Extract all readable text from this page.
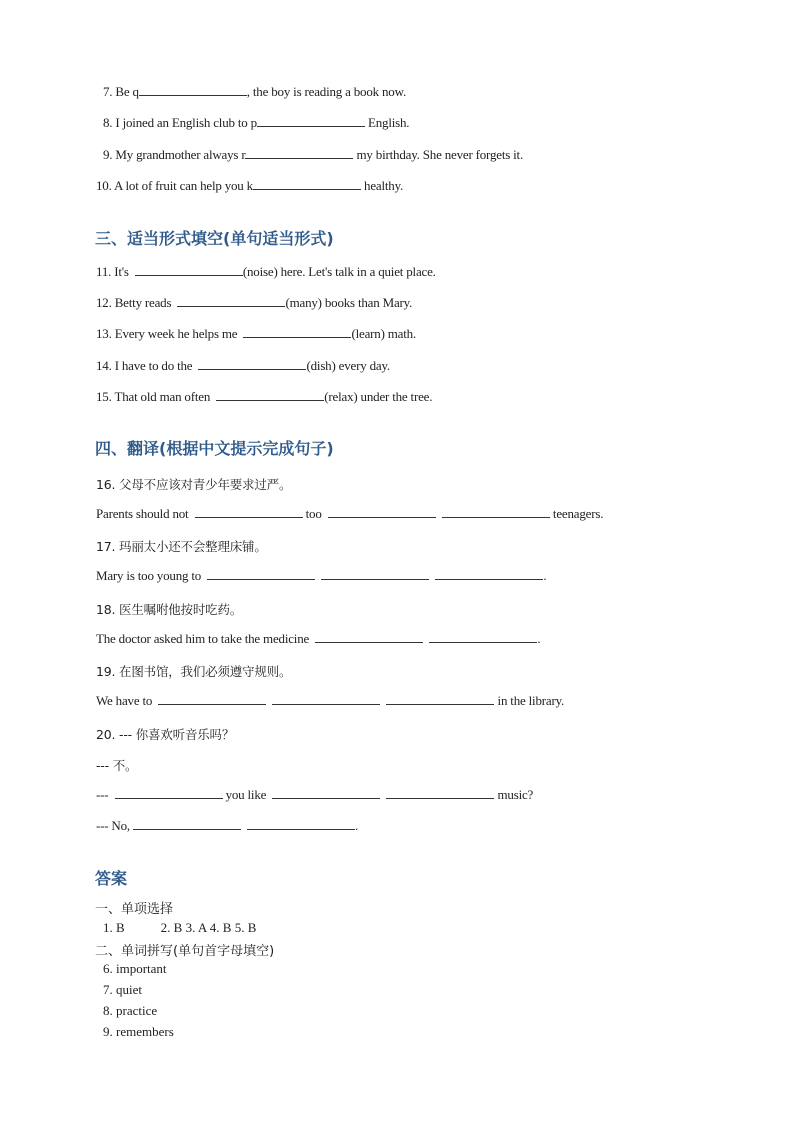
7. Be q	, the boy is reading a book now.
8. I joined an English club to p	English.
9. My grandmother always r	my birthday. She never forgets it.
10. A lot of fruit can help you k	healthy.
三、适当形式填空(单句适当形式)
11. It's	(noise) here. Let's talk in a quiet place.
12. Betty reads	(many) books than Mary.
13. Every week he helps me	(learn) math.
14. I have to do the	(dish) every day.
15. That old man often	(relax) under the tree.
四、翻译(根据中文提示完成句子)
16. 父母不应该对青少年要求过严。
Parents should not	too	teenagers.
17. 玛丽太小还不会整理床铺。
Mary is too young to	.
18. 医生嘱咐他按时吃药。
The doctor asked him to take the medicine	.
19. 在图书馆，我们必须遵守规则。
We have to	in the library.
20. --- 你喜欢听音乐吗？
--- 不。
---	you like	music?
--- No,	.
答案
一、单项选择
1. B	2. B 3. A 4. B 5. B
二、单词拼写(单句首字母填空)
6. important
7. quiet
8. practice
9. remembers
